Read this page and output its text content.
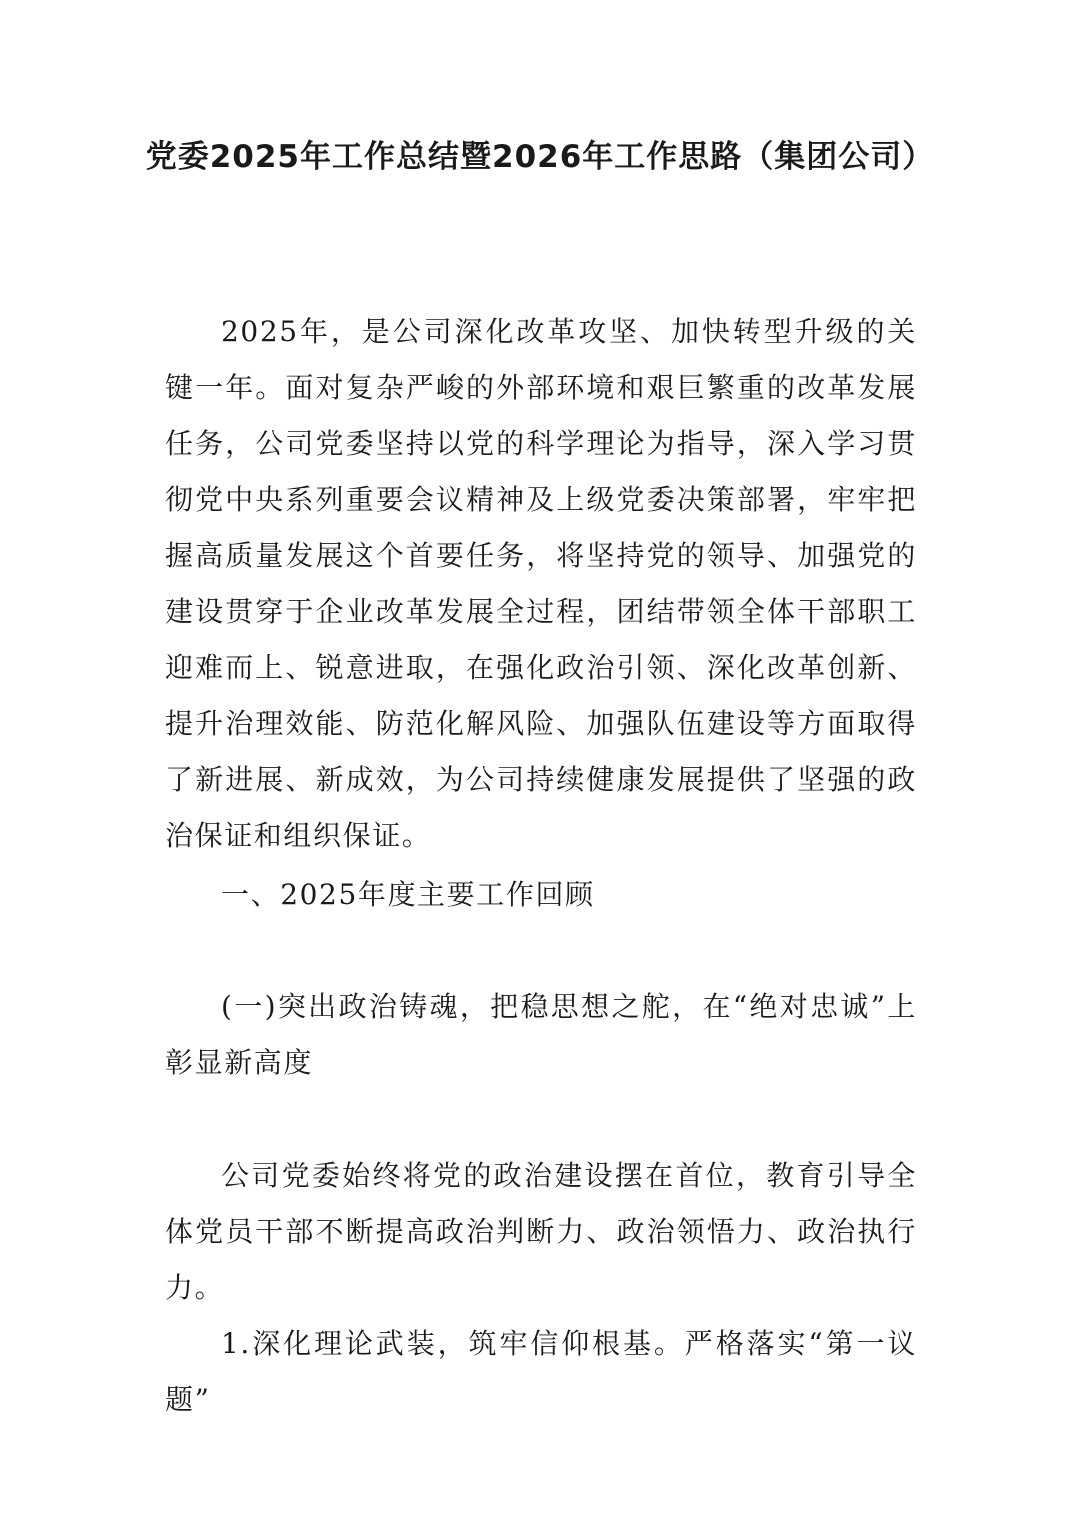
党委2025年工作总结暨2026年工作思路（集团公司）

2025年，是公司深化改革攻坚、加快转型升级的关键一年。面对复杂严峻的外部环境和艰巨繁重的改革发展任务，公司党委坚持以党的科学理论为指导，深入学习贯彻党中央系列重要会议精神及上级党委决策部署，牢牢把握高质量发展这个首要任务，将坚持党的领导、加强党的建设贯穿于企业改革发展全过程，团结带领全体干部职工迎难而上、锐意进取，在强化政治引领、深化改革创新、提升治理效能、防范化解风险、加强队伍建设等方面取得了新进展、新成效，为公司持续健康发展提供了坚强的政治保证和组织保证。

一、2025年度主要工作回顾

(一)突出政治铸魂，把稳思想之舵，在“绝对忠诚”上彰显新高度

公司党委始终将党的政治建设摆在首位，教育引导全体党员干部不断提高政治判断力、政治领悟力、政治执行力。

1.深化理论武装，筑牢信仰根基。严格落实“第一议题”
